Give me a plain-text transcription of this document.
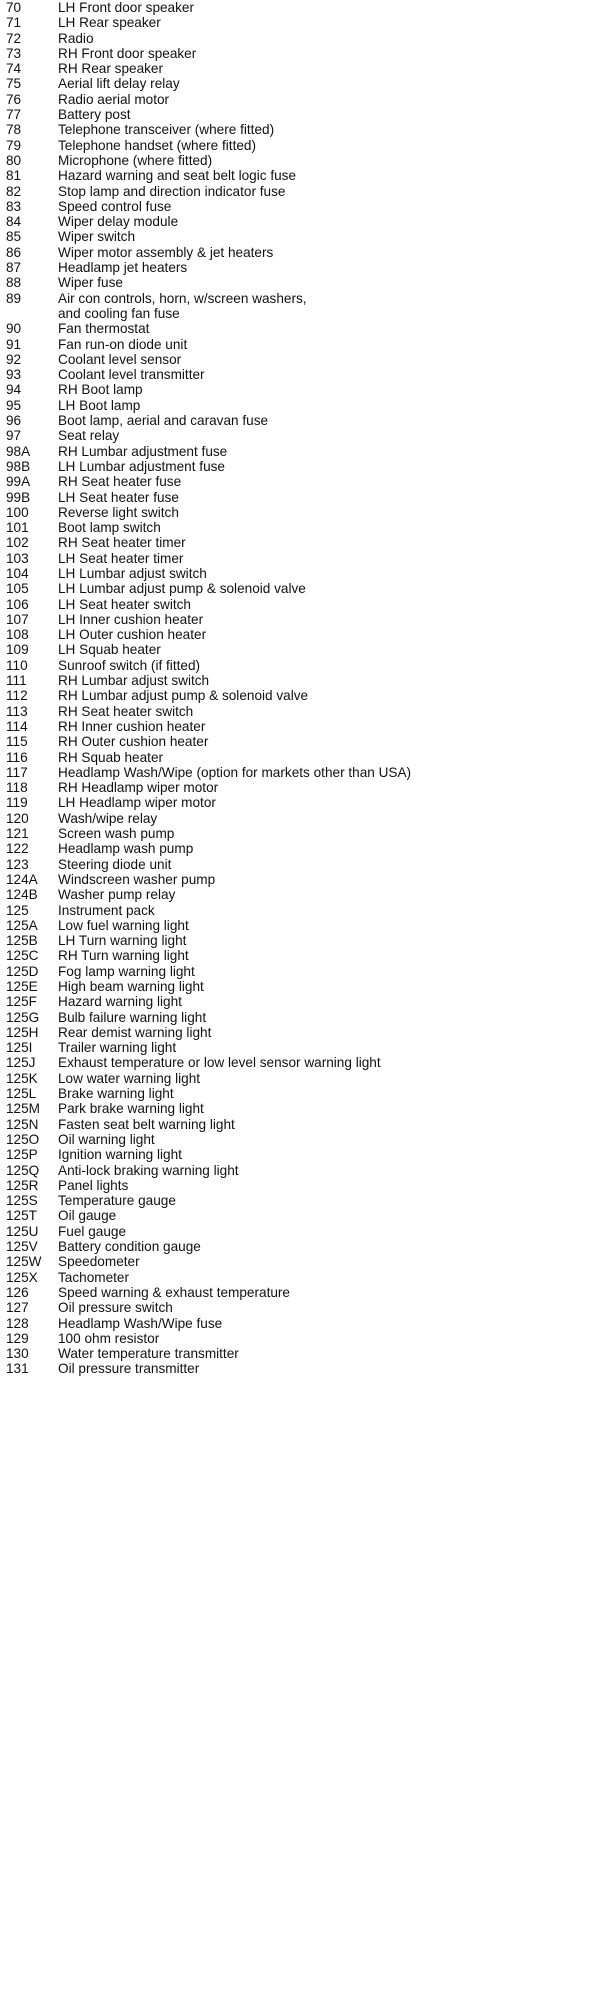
70	LH Front door speaker
71	LH Rear speaker
72	Radio
73	RH Front door speaker
74	RH Rear speaker
75	Aerial lift delay relay
76	Radio aerial motor
77	Battery post
78	Telephone transceiver (where fitted)
79	Telephone handset (where fitted)
80	Microphone (where fitted)
81	Hazard warning and seat belt logic fuse
82	Stop lamp and direction indicator fuse
83	Speed control fuse
84	Wiper delay module
85	Wiper switch
86	Wiper motor assembly & jet heaters
87	Headlamp jet heaters
88	Wiper fuse
89	Air con controls, horn, w/screen washers,
and cooling fan fuse
90	Fan thermostat
91	Fan run-on diode unit
92	Coolant level sensor
93	Coolant level transmitter
94	RH Boot lamp
95	LH Boot lamp
96	Boot lamp, aerial and caravan fuse
97	Seat relay
98A	RH Lumbar adjustment fuse
98B	LH Lumbar adjustment fuse
99A	RH Seat heater fuse
99B	LH Seat heater fuse
100	Reverse light switch
101	Boot lamp switch
102	RH Seat heater timer
103	LH Seat heater timer
104	LH Lumbar adjust switch
105	LH Lumbar adjust pump & solenoid valve
106	LH Seat heater switch
107	LH Inner cushion heater
108	LH Outer cushion heater
109	LH Squab heater
110	Sunroof switch (if fitted)
111	RH Lumbar adjust switch
112	RH Lumbar adjust pump & solenoid valve
113	RH Seat heater switch
114	RH Inner cushion heater
115	RH Outer cushion heater
116	RH Squab heater
117	Headlamp Wash/Wipe (option for markets other than USA)
118	RH Headlamp wiper motor
119	LH Headlamp wiper motor
120	Wash/wipe relay
121	Screen wash pump
122	Headlamp wash pump
123	Steering diode unit
124A	Windscreen washer pump
124B	Washer pump relay
125	Instrument pack
125A	Low fuel warning light
125B	LH Turn warning light
125C	RH Turn warning light
125D	Fog lamp warning light
125E	High beam warning light
125F	Hazard warning light
125G	Bulb failure warning light
125H	Rear demist warning light
125I	Trailer warning light
125J	Exhaust temperature or low level sensor warning light
125K	Low water warning light
125L	Brake warning light
125M	Park brake warning light
125N	Fasten seat belt warning light
125O	Oil warning light
125P	Ignition warning light
125Q	Anti-lock braking warning light
125R	Panel lights
125S	Temperature gauge
125T	Oil gauge
125U	Fuel gauge
125V	Battery condition gauge
125W	Speedometer
125X	Tachometer
126	Speed warning & exhaust temperature
127	Oil pressure switch
128	Headlamp Wash/Wipe fuse
129	100 ohm resistor
130	Water temperature transmitter
131	Oil pressure transmitter
